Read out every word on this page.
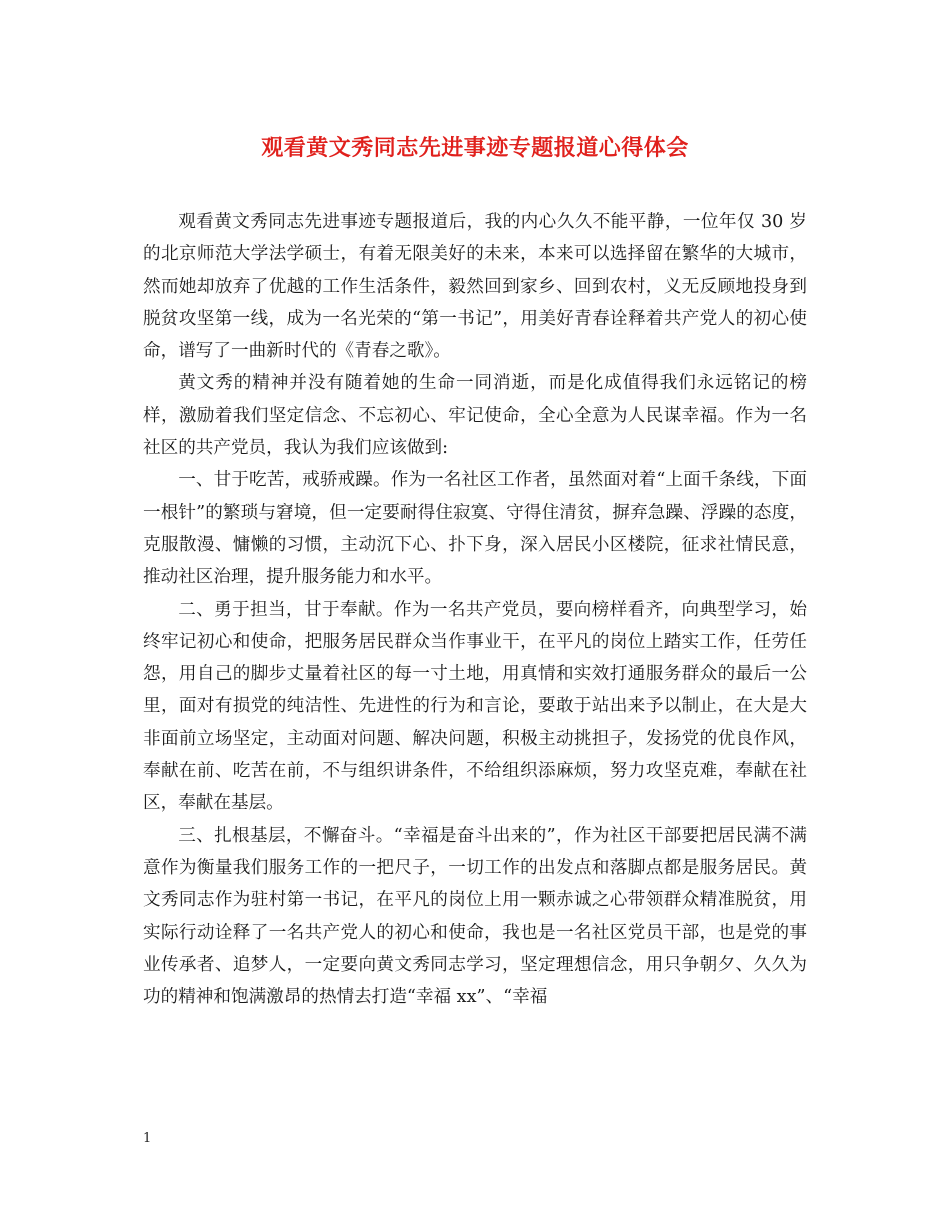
观看黄文秀同志先进事迹专题报道心得体会

观看黄文秀同志先进事迹专题报道后，我的内心久久不能平静，一位年仅 30 岁的北京师范大学法学硕士，有着无限美好的未来，本来可以选择留在繁华的大城市，然而她却放弃了优越的工作生活条件，毅然回到家乡、回到农村，义无反顾地投身到脱贫攻坚第一线，成为一名光荣的“第一书记”，用美好青春诠释着共产党人的初心使命，谱写了一曲新时代的《青春之歌》。

黄文秀的精神并没有随着她的生命一同消逝，而是化成值得我们永远铭记的榜样，激励着我们坚定信念、不忘初心、牢记使命，全心全意为人民谋幸福。作为一名社区的共产党员，我认为我们应该做到:

一、甘于吃苦，戒骄戒躁。作为一名社区工作者，虽然面对着“上面千条线，下面一根针”的繁琐与窘境，但一定要耐得住寂寞、守得住清贫，摒弃急躁、浮躁的态度，克服散漫、慵懒的习惯，主动沉下心、扑下身，深入居民小区楼院，征求社情民意，推动社区治理，提升服务能力和水平。

二、勇于担当，甘于奉献。作为一名共产党员，要向榜样看齐，向典型学习，始终牢记初心和使命，把服务居民群众当作事业干，在平凡的岗位上踏实工作，任劳任怨，用自己的脚步丈量着社区的每一寸土地，用真情和实效打通服务群众的最后一公里，面对有损党的纯洁性、先进性的行为和言论，要敢于站出来予以制止，在大是大非面前立场坚定，主动面对问题、解决问题，积极主动挑担子，发扬党的优良作风，奉献在前、吃苦在前，不与组织讲条件，不给组织添麻烦，努力攻坚克难，奉献在社区，奉献在基层。

三、扎根基层，不懈奋斗。“幸福是奋斗出来的”，作为社区干部要把居民满不满意作为衡量我们服务工作的一把尺子，一切工作的出发点和落脚点都是服务居民。黄文秀同志作为驻村第一书记，在平凡的岗位上用一颗赤诚之心带领群众精准脱贫，用实际行动诠释了一名共产党人的初心和使命，我也是一名社区党员干部，也是党的事业传承者、追梦人，一定要向黄文秀同志学习，坚定理想信念，用只争朝夕、久久为功的精神和饱满激昂的热情去打造“幸福 xx”、“幸福

1
